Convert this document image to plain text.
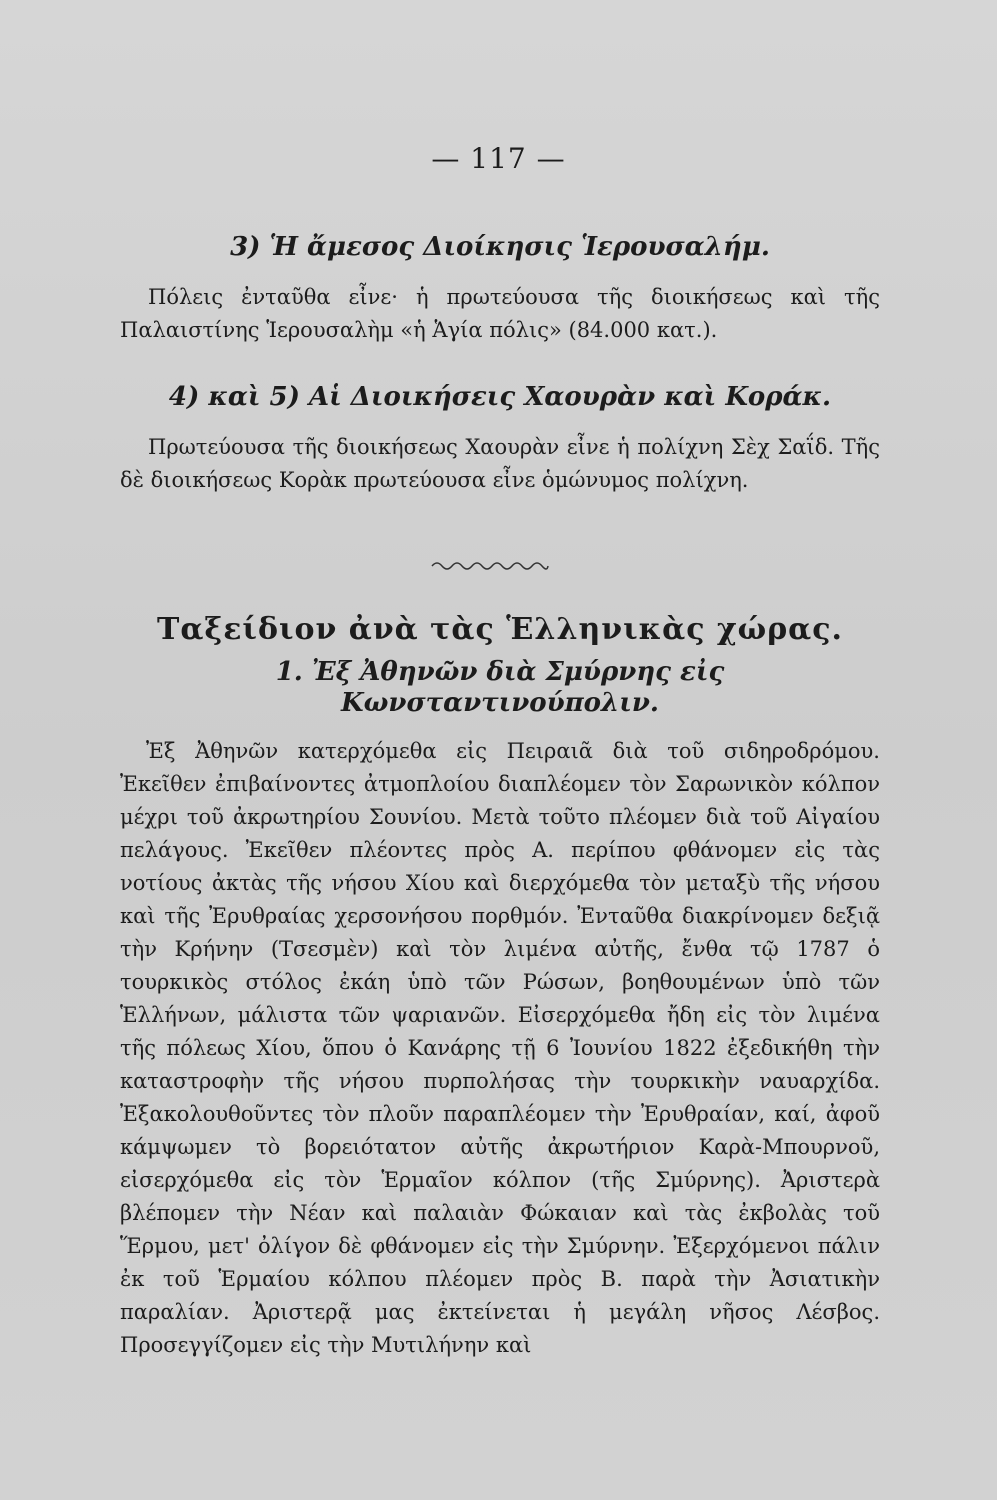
— 117 —
3) Ἡ ἄμεσος Διοίκησις Ἱερουσαλήμ.

Πόλεις ἐνταῦθα εἶνε· ἡ πρωτεύουσα τῆς διοικήσεως καὶ τῆς Παλαιστίνης Ἱερουσαλὴμ «ἡ Ἁγία πόλις» (84.000 κατ.).

4) καὶ 5) Αἱ Διοικήσεις Χαουρὰν καὶ Κοράκ.

Πρωτεύουσα τῆς διοικήσεως Χαουρὰν εἶνε ἡ πολίχνη Σὲχ Σαΐδ. Τῆς δὲ διοικήσεως Κορὰκ πρωτεύουσα εἶνε ὁμώνυμος πολίχνη.

Ταξείδιον ἀνὰ τὰς Ἑλληνικὰς χώρας.
1. Ἐξ Ἀθηνῶν διὰ Σμύρνης εἰς Κωνσταντινούπολιν.

Ἐξ Ἀθηνῶν κατερχόμεθα εἰς Πειραιᾶ διὰ τοῦ σιδηροδρόμου. Ἐκεῖθεν ἐπιβαίνοντες ἀτμοπλοίου διαπλέομεν τὸν Σαρωνικὸν κόλπον μέχρι τοῦ ἀκρωτηρίου Σουνίου. Μετὰ τοῦτο πλέομεν διὰ τοῦ Αἰγαίου πελάγους. Ἐκεῖθεν πλέοντες πρὸς Α. περίπου φθάνομεν εἰς τὰς νοτίους ἀκτὰς τῆς νήσου Χίου καὶ διερχόμεθα τὸν μεταξὺ τῆς νήσου καὶ τῆς Ἐρυθραίας χερσονήσου πορθμόν. Ἐνταῦθα διακρίνομεν δεξιᾷ τὴν Κρήνην (Τσεσμὲν) καὶ τὸν λιμένα αὐτῆς, ἔνθα τῷ 1787 ὁ τουρκικὸς στόλος ἐκάη ὑπὸ τῶν Ρώσων, βοηθουμένων ὑπὸ τῶν Ἑλλήνων, μάλιστα τῶν ψαριανῶν. Εἰσερχόμεθα ἤδη εἰς τὸν λιμένα τῆς πόλεως Χίου, ὅπου ὁ Κανάρης τῇ 6 Ἰουνίου 1822 ἐξεδικήθη τὴν καταστροφὴν τῆς νήσου πυρπολήσας τὴν τουρκικὴν ναυαρχίδα. Ἐξακολουθοῦντες τὸν πλοῦν παραπλέομεν τὴν Ἐρυθραίαν, καί, ἀφοῦ κάμψωμεν τὸ βορειότατον αὐτῆς ἀκρωτήριον Καρὰ-Μπουρνοῦ, εἰσερχόμεθα εἰς τὸν Ἑρμαῖον κόλπον (τῆς Σμύρνης). Ἀριστερὰ βλέπομεν τὴν Νέαν καὶ παλαιὰν Φώκαιαν καὶ τὰς ἐκβολὰς τοῦ Ἕρμου, μετ' ὀλίγον δὲ φθάνομεν εἰς τὴν Σμύρνην. Ἐξερχόμενοι πάλιν ἐκ τοῦ Ἑρμαίου κόλπου πλέομεν πρὸς Β. παρὰ τὴν Ἀσιατικὴν παραλίαν. Ἀριστερᾷ μας ἐκτείνεται ἡ μεγάλη νῆσος Λέσβος. Προσεγγίζομεν εἰς τὴν Μυτιλήνην καὶ
